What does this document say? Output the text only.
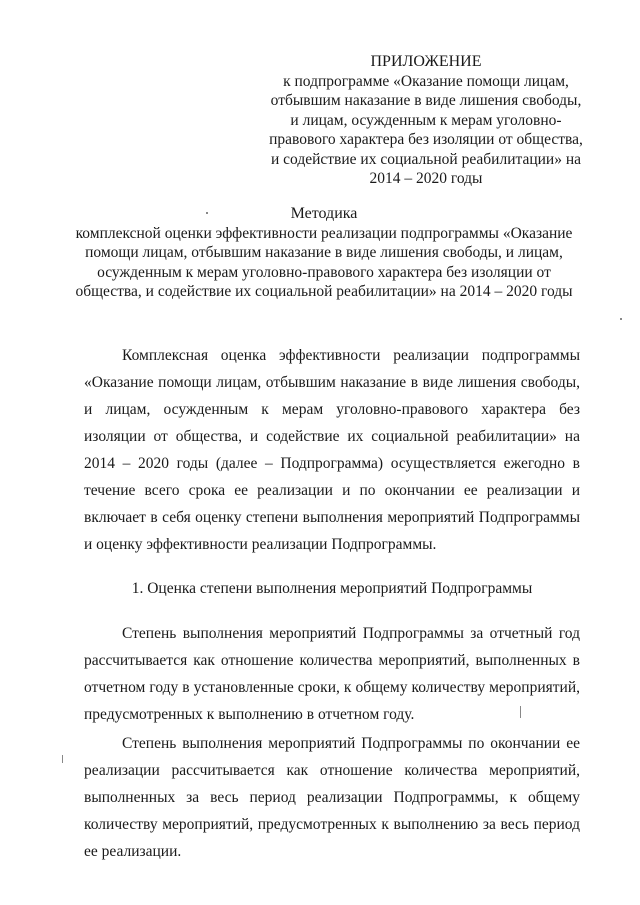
ПРИЛОЖЕНИЕ
к подпрограмме «Оказание помощи лицам, отбывшим наказание в виде лишения свободы, и лицам, осужденным к мерам уголовно-правового характера без изоляции от общества, и содействие их социальной реабилитации» на 2014 – 2020 годы
Методика
комплексной оценки эффективности реализации подпрограммы «Оказание помощи лицам, отбывшим наказание в виде лишения свободы, и лицам, осужденным к мерам уголовно-правового характера без изоляции от общества, и содействие их социальной реабилитации» на 2014 – 2020 годы
Комплексная оценка эффективности реализации подпрограммы «Оказание помощи лицам, отбывшим наказание в виде лишения свободы, и лицам, осужденным к мерам уголовно-правового характера без изоляции от общества, и содействие их социальной реабилитации» на 2014 – 2020 годы (далее – Подпрограмма) осуществляется ежегодно в течение всего срока ее реализации и по окончании ее реализации и включает в себя оценку степени выполнения мероприятий Подпрограммы и оценку эффективности реализации Подпрограммы.
1. Оценка степени выполнения мероприятий Подпрограммы
Степень выполнения мероприятий Подпрограммы за отчетный год рассчитывается как отношение количества мероприятий, выполненных в отчетном году в установленные сроки, к общему количеству мероприятий, предусмотренных к выполнению в отчетном году.
Степень выполнения мероприятий Подпрограммы по окончании ее реализации рассчитывается как отношение количества мероприятий, выполненных за весь период реализации Подпрограммы, к общему количеству мероприятий, предусмотренных к выполнению за весь период ее реализации.
